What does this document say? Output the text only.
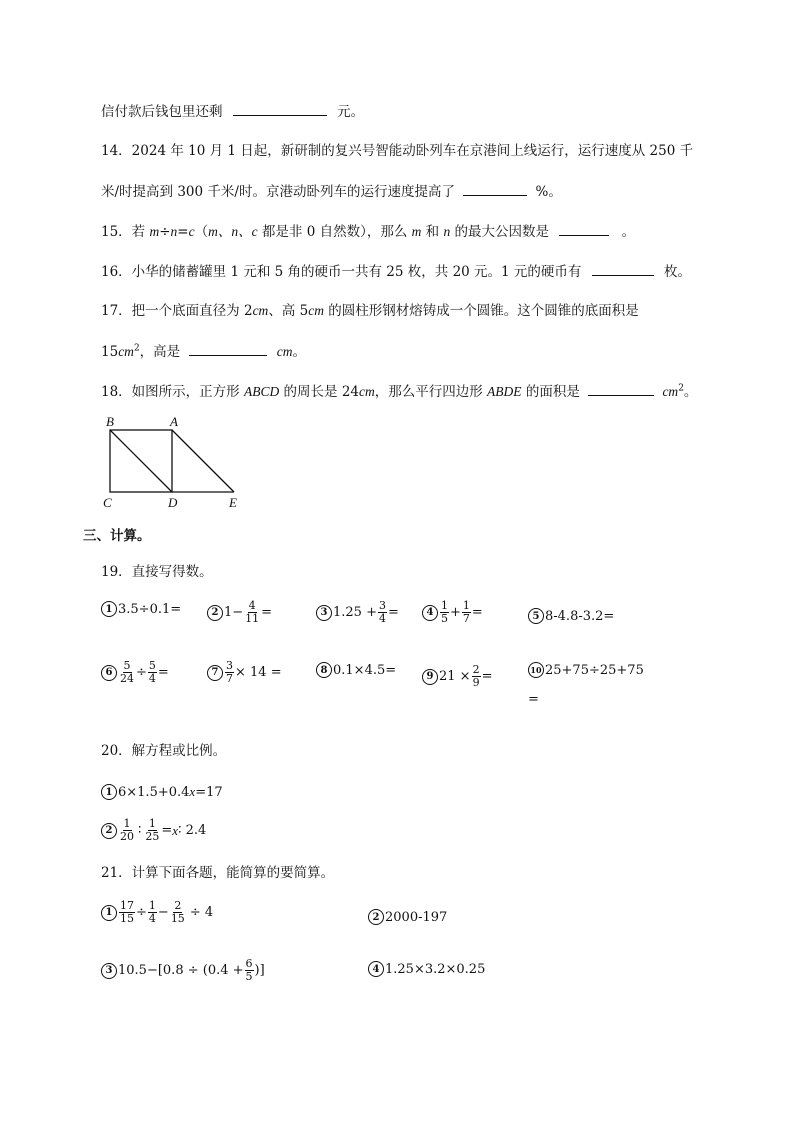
信付款后钱包里还剩	元。
14．2024 年 10 月 1 日起，新研制的复兴号智能动卧列车在京港间上线运行，运行速度从 250 千
米/时提高到 300 千米/时。京港动卧列车的运行速度提高了	%。
15．若 m÷n=c（m、n、c 都是非 0 自然数），那么 m 和 n 的最大公因数是	。
16．小华的储蓄罐里 1 元和 5 角的硬币一共有 25 枚，共 20 元。1 元的硬币有	枚。
17．把一个底面直径为 2cm、高 5cm 的圆柱形钢材熔铸成一个圆锥。这个圆锥的底面积是
$15cm^2$，高是	cm。
18．如图所示，正方形 ABCD 的周长是 24cm，那么平行四边形 ABDE 的面积是	$cm^2$。
B	A
C	D	E
三、计算。
19．直接写得数。
1 3.5÷0.1=	2 $1- \frac{4}{11}$ =	3 $1.25 + \frac{3}{4}$ =	$4 \frac{1}{5} + \frac{1}{7}$ =	5 8-4.8-3.2=
$6 \frac{5}{24} \div \frac{5}{4}$ =	$7 \frac{3}{7} \times 14$ =	8 0.1×4.5=	9 $21 \times \frac{2}{9}$ =	10 25+75÷25+75
=
20．解方程或比例。
1 6×1.5+0.4 x =17
$2 \frac{1}{20}$ ∶ $\frac{1}{25} = x$ ∶ 2.4
21．计算下面各题，能简算的要简算。
$1 \frac{17}{15} \div \frac{1}{4} - \frac{2}{15} \div 4$	2 2000-197
3 $10.5-[0.8 \div (0.4 + \frac{6}{5}$ )]	4 1.25×3.2×0.25
